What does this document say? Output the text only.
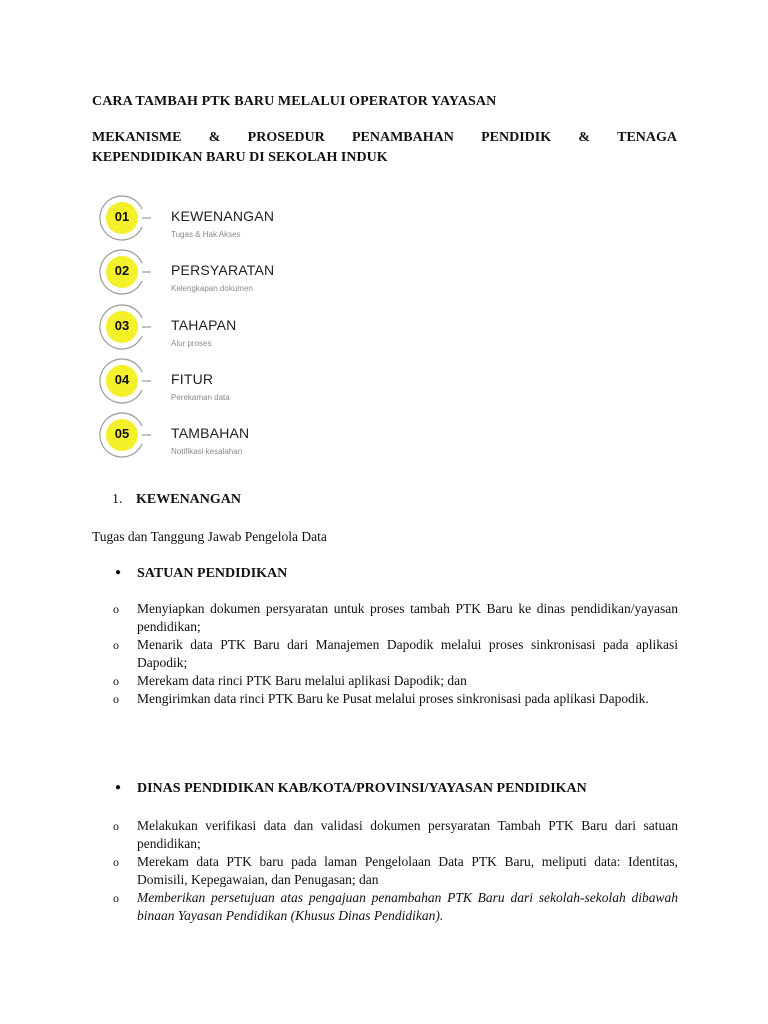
CARA TAMBAH PTK BARU MELALUI OPERATOR YAYASAN
MEKANISME & PROSEDUR PENAMBAHAN PENDIDIK & TENAGA
KEPENDIDIKAN BARU DI SEKOLAH INDUK
01	KEWENANGAN
Tugas & Hak Akses
02	PERSYARATAN
Kelengkapan dokumen
03	TAHAPAN
Alur proses
04	FITUR
Perekaman data
05	TAMBAHAN
Notifikasi kesalahan
1. KEWENANGAN
Tugas dan Tanggung Jawab Pengelola Data
● SATUAN PENDIDIKAN

o Menyiapkan dokumen persyaratan untuk proses tambah PTK Baru ke dinas pendidikan/yayasan pendidikan;

o Menarik data PTK Baru dari Manajemen Dapodik melalui proses sinkronisasi pada aplikasi Dapodik;

o Merekam data rinci PTK Baru melalui aplikasi Dapodik; dan

o Mengirimkan data rinci PTK Baru ke Pusat melalui proses sinkronisasi pada aplikasi Dapodik.

● DINAS PENDIDIKAN KAB/KOTA/PROVINSI/YAYASAN PENDIDIKAN

o Melakukan verifikasi data dan validasi dokumen persyaratan Tambah PTK Baru dari satuan pendidikan;

o Merekam data PTK baru pada laman Pengelolaan Data PTK Baru, meliputi data: Identitas, Domisili, Kepegawaian, dan Penugasan; dan

o Memberikan persetujuan atas pengajuan penambahan PTK Baru dari sekolah-sekolah dibawah binaan Yayasan Pendidikan (Khusus Dinas Pendidikan).
